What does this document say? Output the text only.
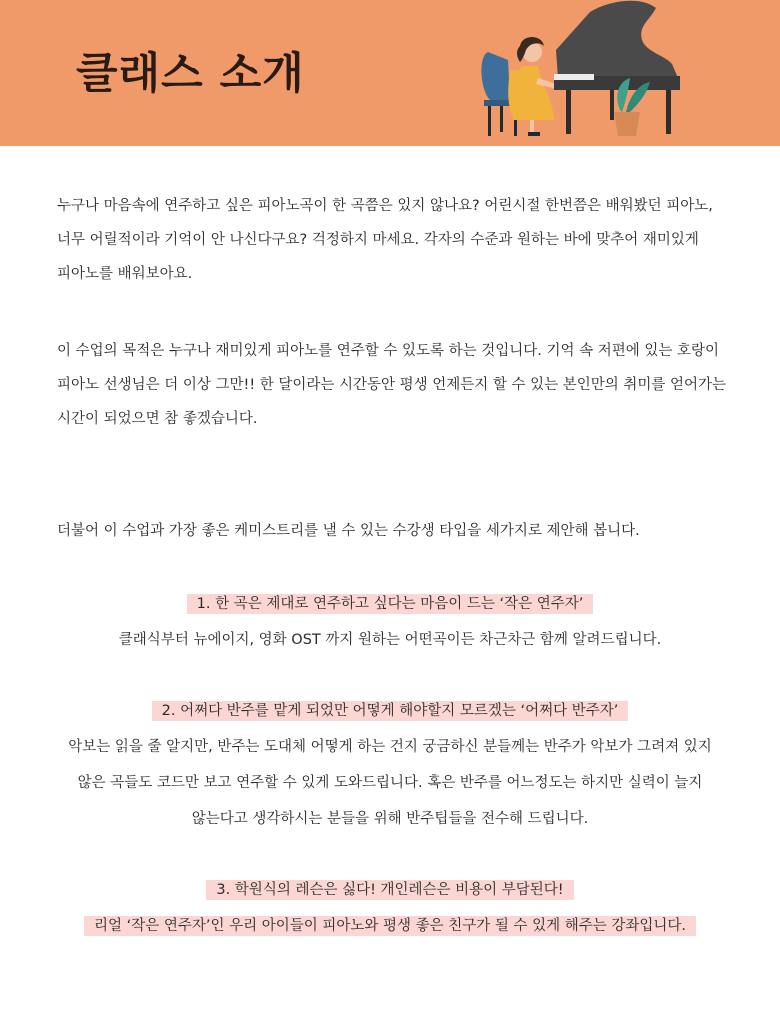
클래스 소개
누구나 마음속에 연주하고 싶은 피아노곡이 한 곡쯤은 있지 않나요? 어린시절 한번쯤은 배워봤던 피아노,
너무 어릴적이라 기억이 안 나신다구요? 걱정하지 마세요. 각자의 수준과 원하는 바에 맞추어 재미있게
피아노를 배워보아요.
이 수업의 목적은 누구나 재미있게 피아노를 연주할 수 있도록 하는 것입니다. 기억 속 저편에 있는 호랑이
피아노 선생님은 더 이상 그만!! 한 달이라는 시간동안 평생 언제든지 할 수 있는 본인만의 취미를 얻어가는
시간이 되었으면 참 좋겠습니다.
더불어 이 수업과 가장 좋은 케미스트리를 낼 수 있는 수강생 타입을 세가지로 제안해 봅니다.
1. 한 곡은 제대로 연주하고 싶다는 마음이 드는 ‘작은 연주자’
클래식부터 뉴에이지, 영화 OST 까지 원하는 어떤곡이든 차근차근 함께 알려드립니다.
2. 어쩌다 반주를 맡게 되었만 어떻게 해야할지 모르겠는 ‘어쩌다 반주자’
악보는 읽을 줄 알지만, 반주는 도대체 어떻게 하는 건지 궁금하신 분들께는 반주가 악보가 그려져 있지
않은 곡들도 코드만 보고 연주할 수 있게 도와드립니다. 혹은 반주를 어느정도는 하지만 실력이 늘지
않는다고 생각하시는 분들을 위해 반주팁들을 전수해 드립니다.
3. 학원식의 레슨은 싫다! 개인레슨은 비용이 부담된다!
리얼 ‘작은 연주자’인 우리 아이들이 피아노와 평생 좋은 친구가 될 수 있게 해주는 강좌입니다.
